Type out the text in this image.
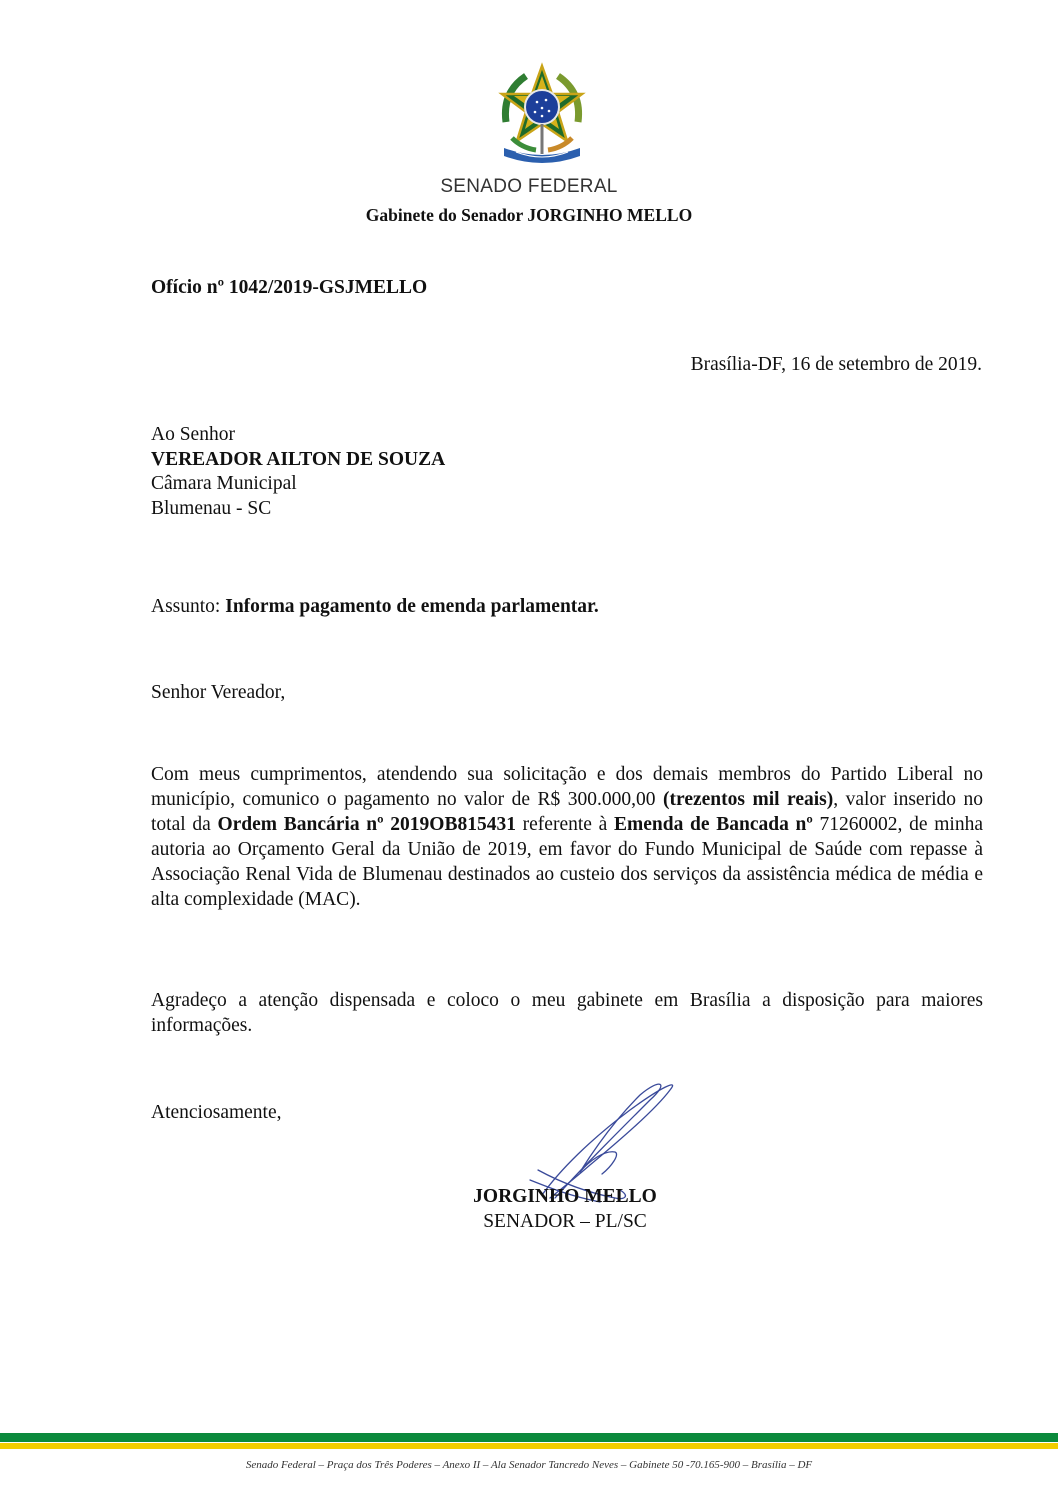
SENADO FEDERAL
Gabinete do Senador JORGINHO MELLO
Ofício nº 1042/2019-GSJMELLO
Brasília-DF, 16 de setembro de 2019.
Ao Senhor
VEREADOR AILTON DE SOUZA
Câmara Municipal
Blumenau - SC
Assunto: Informa pagamento de emenda parlamentar.
Senhor Vereador,
Com meus cumprimentos, atendendo sua solicitação e dos demais membros do Partido Liberal no município, comunico o pagamento no valor de R$ 300.000,00 (trezentos mil reais), valor inserido no total da Ordem Bancária nº 2019OB815431 referente à Emenda de Bancada nº 71260002, de minha autoria ao Orçamento Geral da União de 2019, em favor do Fundo Municipal de Saúde com repasse à Associação Renal Vida de Blumenau destinados ao custeio dos serviços da assistência médica de média e alta complexidade (MAC).
Agradeço a atenção dispensada e coloco o meu gabinete em Brasília a disposição para maiores informações.
Atenciosamente,
JORGINHO MELLO
SENADOR – PL/SC
Senado Federal – Praça dos Três Poderes – Anexo II – Ala Senador Tancredo Neves – Gabinete 50 -70.165-900 – Brasília – DF
